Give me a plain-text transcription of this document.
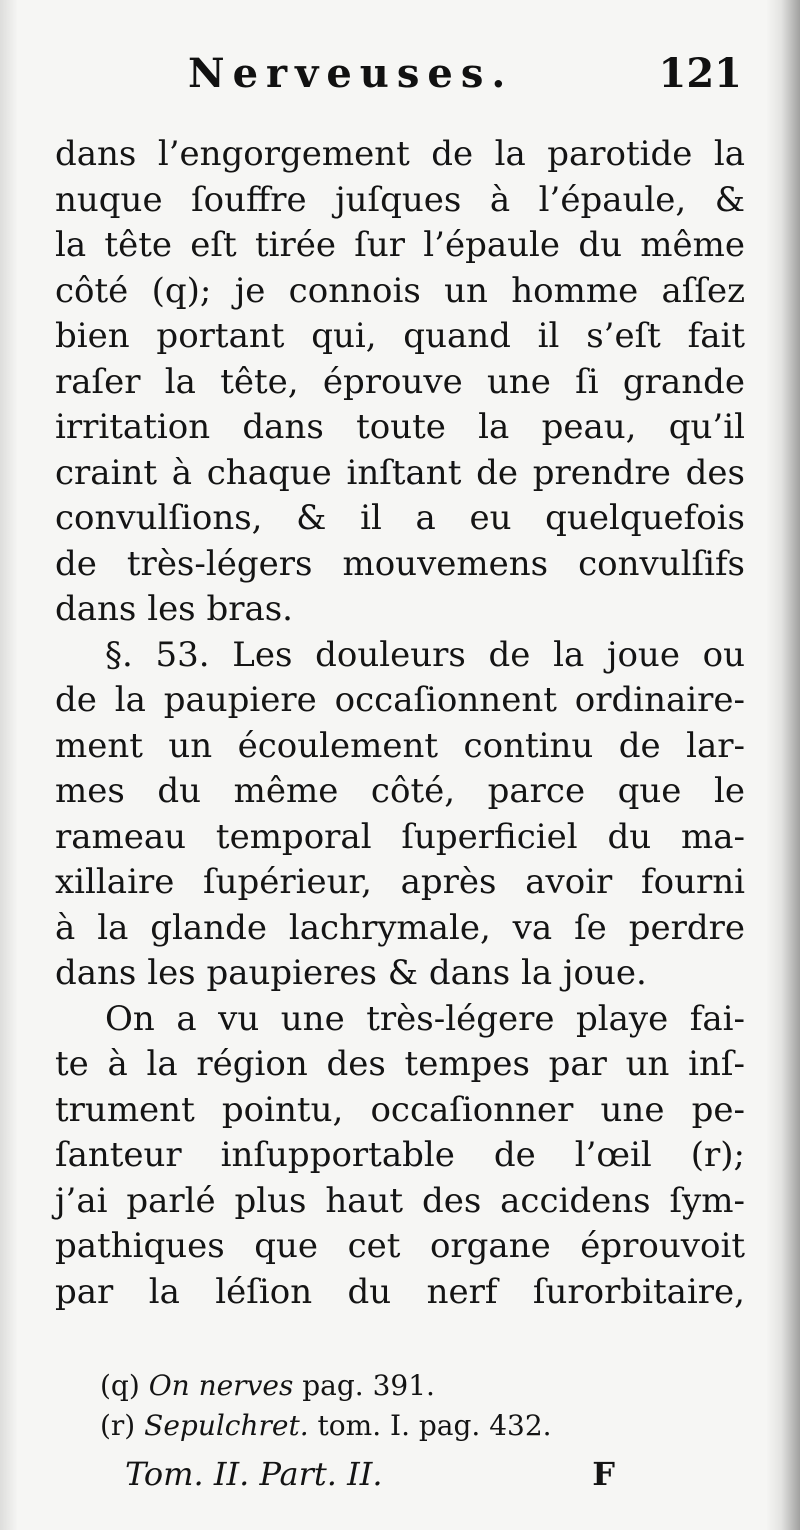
Nerveuses.	121
dans l’engorgement de la parotide la
nuque ſouffre juſques à l’épaule, &
la tête eſt tirée ſur l’épaule du même
côté (q); je connois un homme aſſez
bien portant qui, quand il s’eſt fait
raſer la tête, éprouve une ſi grande
irritation dans toute la peau, qu’il
craint à chaque inſtant de prendre des
convulſions, & il a eu quelquefois
de très-légers mouvemens convulſifs
dans les bras.
§. 53. Les douleurs de la joue ou
de la paupiere occaſionnent ordinaire-
ment un écoulement continu de lar-
mes du même côté, parce que le
rameau temporal ſuperficiel du ma-
xillaire ſupérieur, après avoir fourni
à la glande lachrymale, va ſe perdre
dans les paupieres & dans la joue.
On a vu une très-légere playe fai-
te à la région des tempes par un inſ-
trument pointu, occaſionner une pe-
ſanteur inſupportable de l’œil (r);
j’ai parlé plus haut des accidens ſym-
pathiques que cet organe éprouvoit
par la léſion du nerf ſurorbitaire,
(q) On nerves pag. 391.
(r) Sepulchret. tom. I. pag. 432.
Tom. II. Part. II.	F
